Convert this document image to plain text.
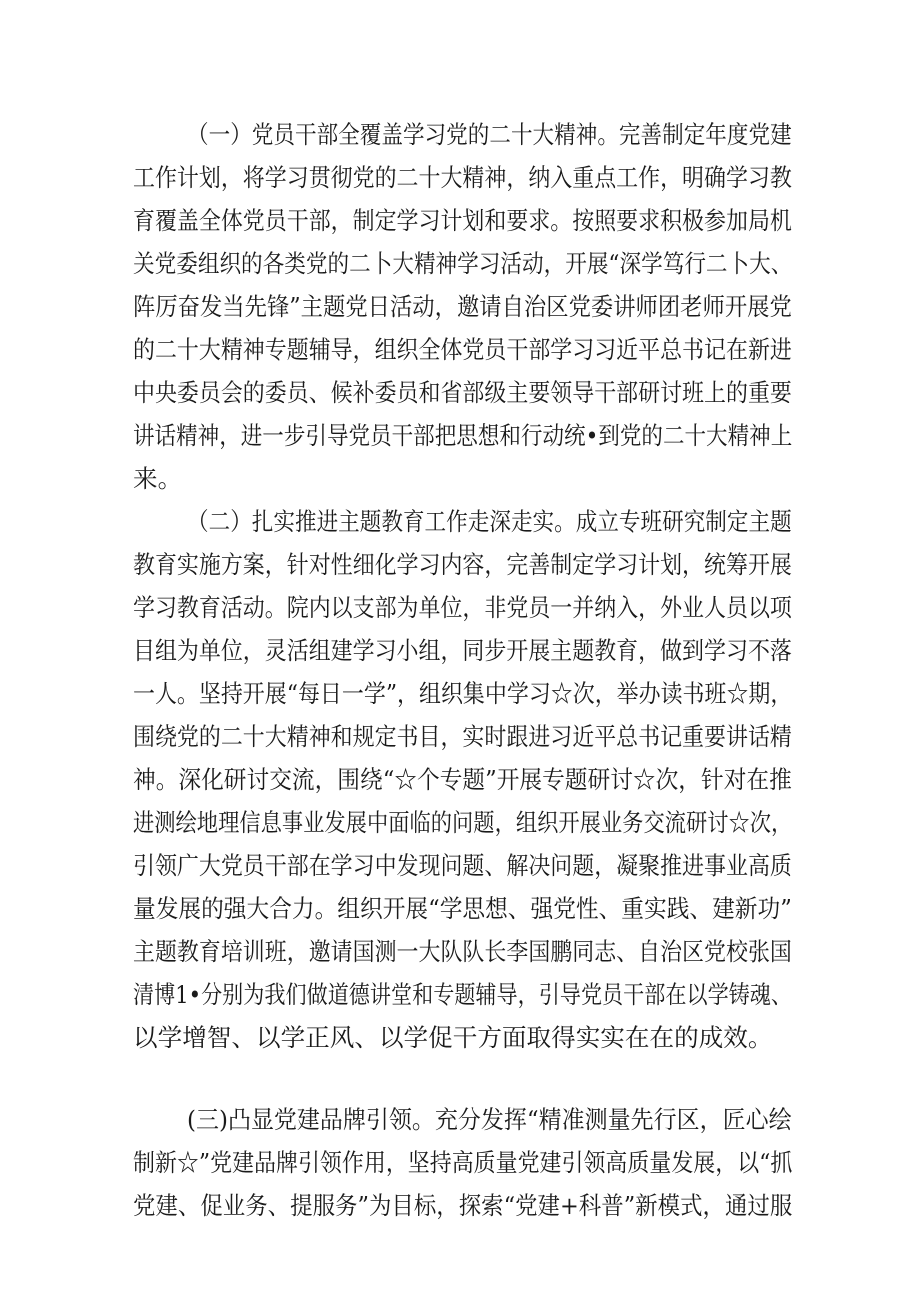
（一）党员干部全覆盖学习党的二十大精神。完善制定年度党建
工作计划，将学习贯彻党的二十大精神，纳入重点工作，明确学习教
育覆盖全体党员干部，制定学习计划和要求。按照要求积极参加局机
关党委组织的各类党的二卜大精神学习活动，开展“深学笃行二卜大、
阵厉奋发当先锋”主题党日活动，邀请自治区党委讲师团老师开展党
的二十大精神专题辅导，组织全体党员干部学习习近平总书记在新进
中央委员会的委员、候补委员和省部级主要领导干部研讨班上的重要
讲话精神，进一步引导党员干部把思想和行动统•到党的二十大精神上
来。
（二）扎实推进主题教育工作走深走实。成立专班研究制定主题
教育实施方案，针对性细化学习内容，完善制定学习计划，统筹开展
学习教育活动。院内以支部为单位，非党员一并纳入，外业人员以项
目组为单位，灵活组建学习小组，同步开展主题教育，做到学习不落
一人。坚持开展“每日一学”，组织集中学习☆次，举办读书班☆期，
围绕党的二十大精神和规定书目，实时跟进习近平总书记重要讲话精
神。深化研讨交流，围绕“☆个专题”开展专题研讨☆次，针对在推
进测绘地理信息事业发展中面临的问题，组织开展业务交流研讨☆次，
引领广大党员干部在学习中发现问题、解决问题，凝聚推进事业高质
量发展的强大合力。组织开展“学思想、强党性、重实践、建新功”
主题教育培训班，邀请国测一大队队长李国鹏同志、自治区党校张国
清博1•分别为我们做道德讲堂和专题辅导，引导党员干部在以学铸魂、
以学增智、以学正风、以学促干方面取得实实在在的成效。
(三)凸显党建品牌引领。充分发挥“精准测量先行区，匠心绘
制新☆”党建品牌引领作用，坚持高质量党建引领高质量发展，以“抓
党建、促业务、提服务”为目标，探索“党建+科普”新模式，通过服
